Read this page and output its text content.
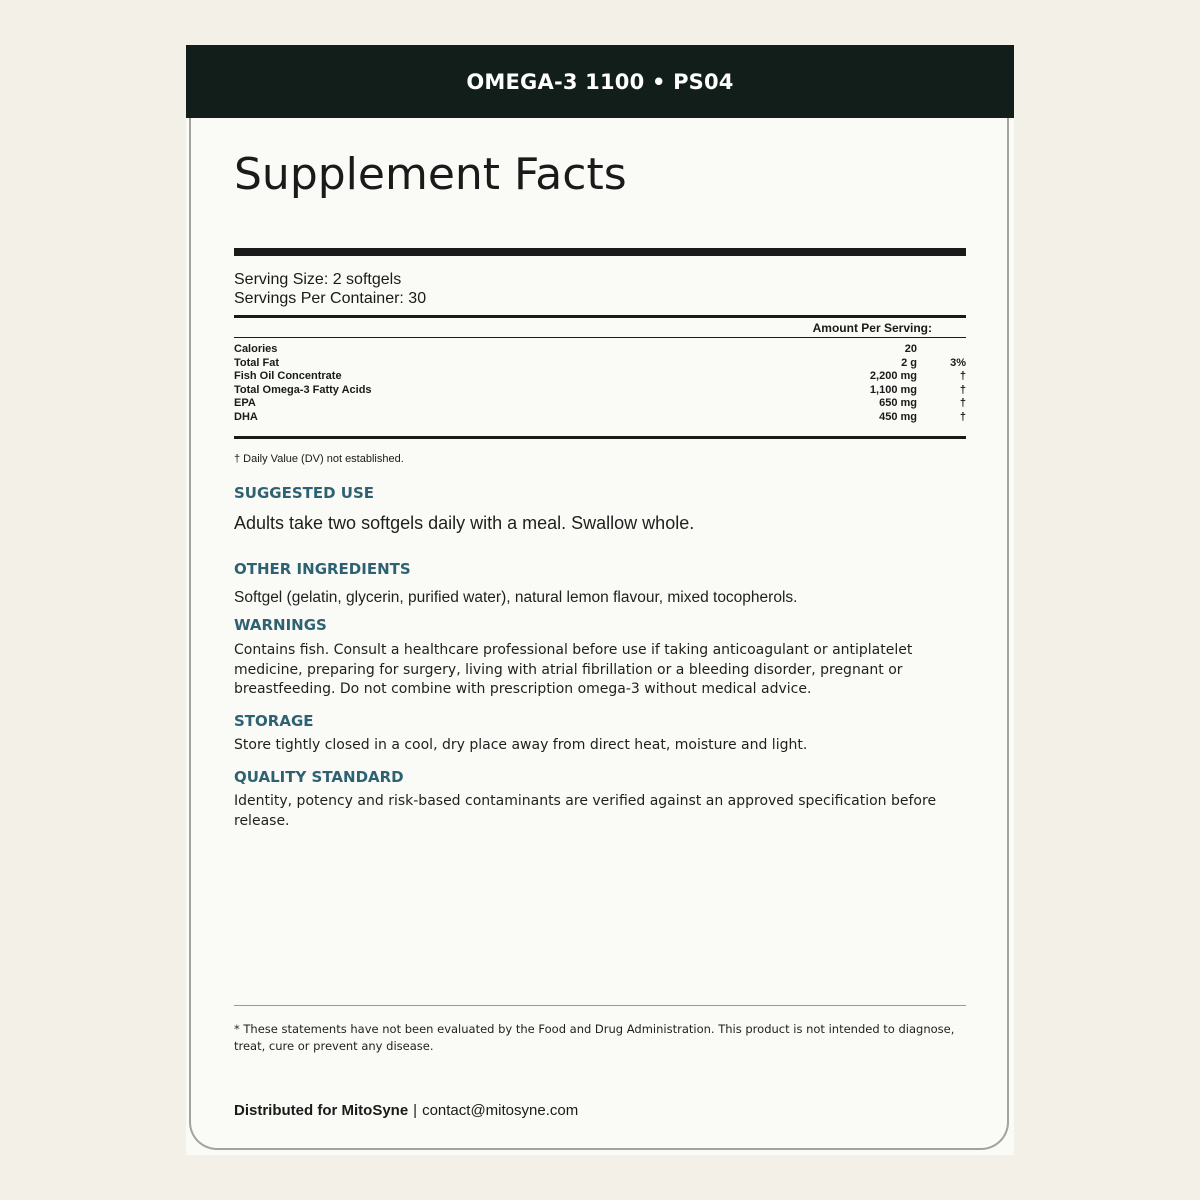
OMEGA-3 1100 • PS04
Supplement Facts
Serving Size: 2 softgels
Servings Per Container: 30
Amount Per Serving:
Calories	20
Total Fat	2 g	3%
Fish Oil Concentrate	2,200 mg	†
Total Omega-3 Fatty Acids	1,100 mg	†
EPA	650 mg	†
DHA	450 mg	†
† Daily Value (DV) not established.
SUGGESTED USE
Adults take two softgels daily with a meal. Swallow whole.
OTHER INGREDIENTS
Softgel (gelatin, glycerin, purified water), natural lemon flavour, mixed tocopherols.
WARNINGS
Contains fish. Consult a healthcare professional before use if taking anticoagulant or antiplatelet medicine, preparing for surgery, living with atrial fibrillation or a bleeding disorder, pregnant or breastfeeding. Do not combine with prescription omega-3 without medical advice.
STORAGE
Store tightly closed in a cool, dry place away from direct heat, moisture and light.
QUALITY STANDARD
Identity, potency and risk-based contaminants are verified against an approved specification before release.
* These statements have not been evaluated by the Food and Drug Administration. This product is not intended to diagnose, treat, cure or prevent any disease.
Distributed for MitoSyne | contact@mitosyne.com
